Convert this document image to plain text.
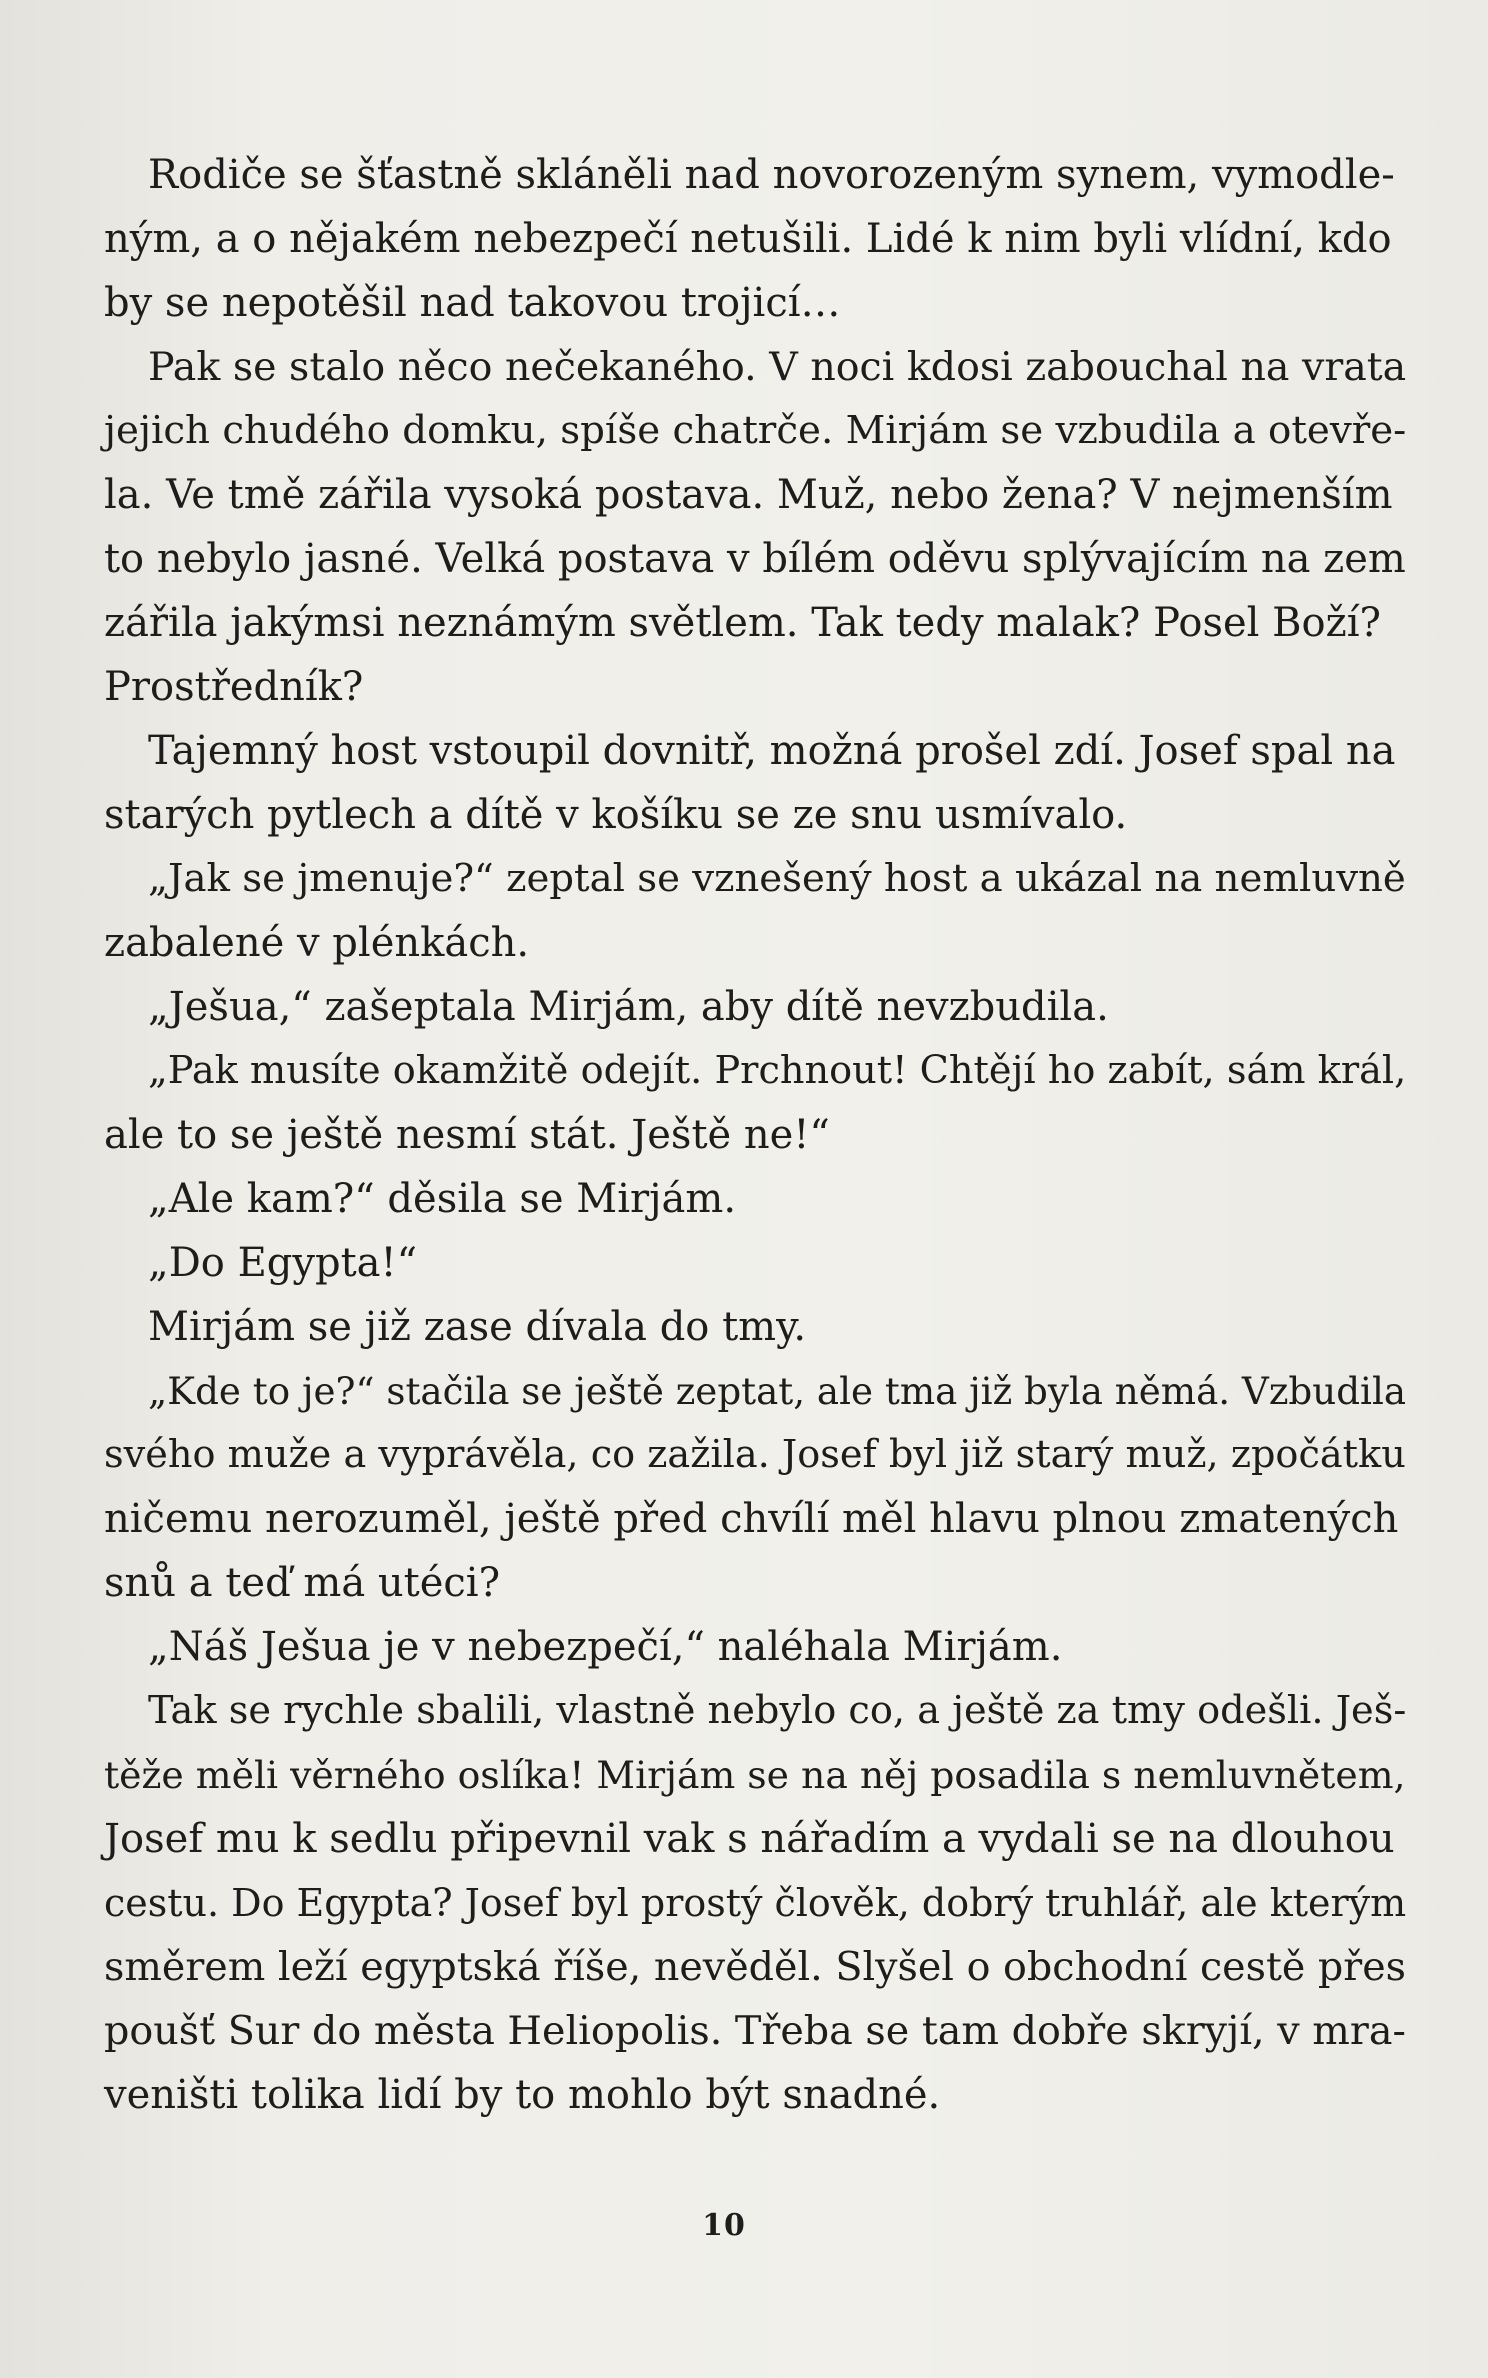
Rodiče se šťastně skláněli nad novorozeným synem, vymodle-
ným, a o nějakém nebezpečí netušili. Lidé k nim byli vlídní, kdo
by se nepotěšil nad takovou trojicí…
Pak se stalo něco nečekaného. V noci kdosi zabouchal na vrata
jejich chudého domku, spíše chatrče. Mirjám se vzbudila a otevře-
la. Ve tmě zářila vysoká postava. Muž, nebo žena? V nejmenším
to nebylo jasné. Velká postava v bílém oděvu splývajícím na zem
zářila jakýmsi neznámým světlem. Tak tedy malak? Posel Boží?
Prostředník?
Tajemný host vstoupil dovnitř, možná prošel zdí. Josef spal na
starých pytlech a dítě v košíku se ze snu usmívalo.
„Jak se jmenuje?“ zeptal se vznešený host a ukázal na nemluvně
zabalené v plénkách.
„Ješua,“ zašeptala Mirjám, aby dítě nevzbudila.
„Pak musíte okamžitě odejít. Prchnout! Chtějí ho zabít, sám král,
ale to se ještě nesmí stát. Ještě ne!“
„Ale kam?“ děsila se Mirjám.
„Do Egypta!“
Mirjám se již zase dívala do tmy.
„Kde to je?“ stačila se ještě zeptat, ale tma již byla němá. Vzbudila
svého muže a vyprávěla, co zažila. Josef byl již starý muž, zpočátku
ničemu nerozuměl, ještě před chvílí měl hlavu plnou zmatených
snů a teď má utéci?
„Náš Ješua je v nebezpečí,“ naléhala Mirjám.
Tak se rychle sbalili, vlastně nebylo co, a ještě za tmy odešli. Ješ-
těže měli věrného oslíka! Mirjám se na něj posadila s nemluvnětem,
Josef mu k sedlu připevnil vak s nářadím a vydali se na dlouhou
cestu. Do Egypta? Josef byl prostý člověk, dobrý truhlář, ale kterým
směrem leží egyptská říše, nevěděl. Slyšel o obchodní cestě přes
poušť Sur do města Heliopolis. Třeba se tam dobře skryjí, v mra-
veništi tolika lidí by to mohlo být snadné.
10
